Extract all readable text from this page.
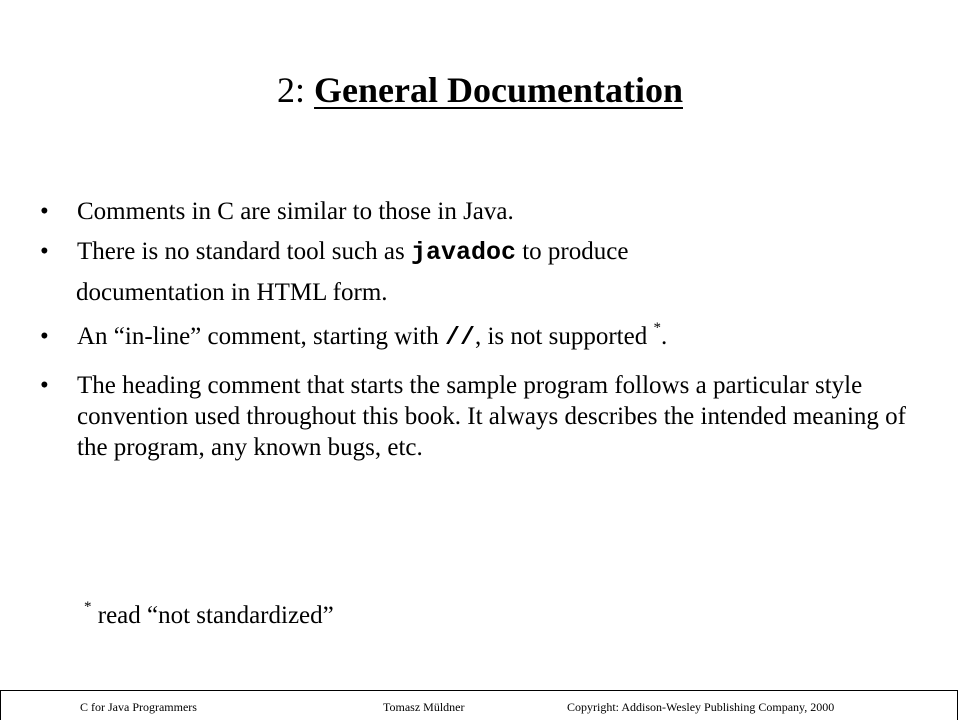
2: General Documentation
• Comments in C are similar to those in Java.
• There is no standard tool such as javadoc to produce
documentation in HTML form.
• An “in-line” comment, starting with //, is not supported *.
• The heading comment that starts the sample program follows a particular style convention used throughout this book. It always describes the intended meaning of the program, any known bugs, etc.
* read “not standardized”
C for Java Programmers	Tomasz Müldner	Copyright: Addison-Wesley Publishing Company, 2000
